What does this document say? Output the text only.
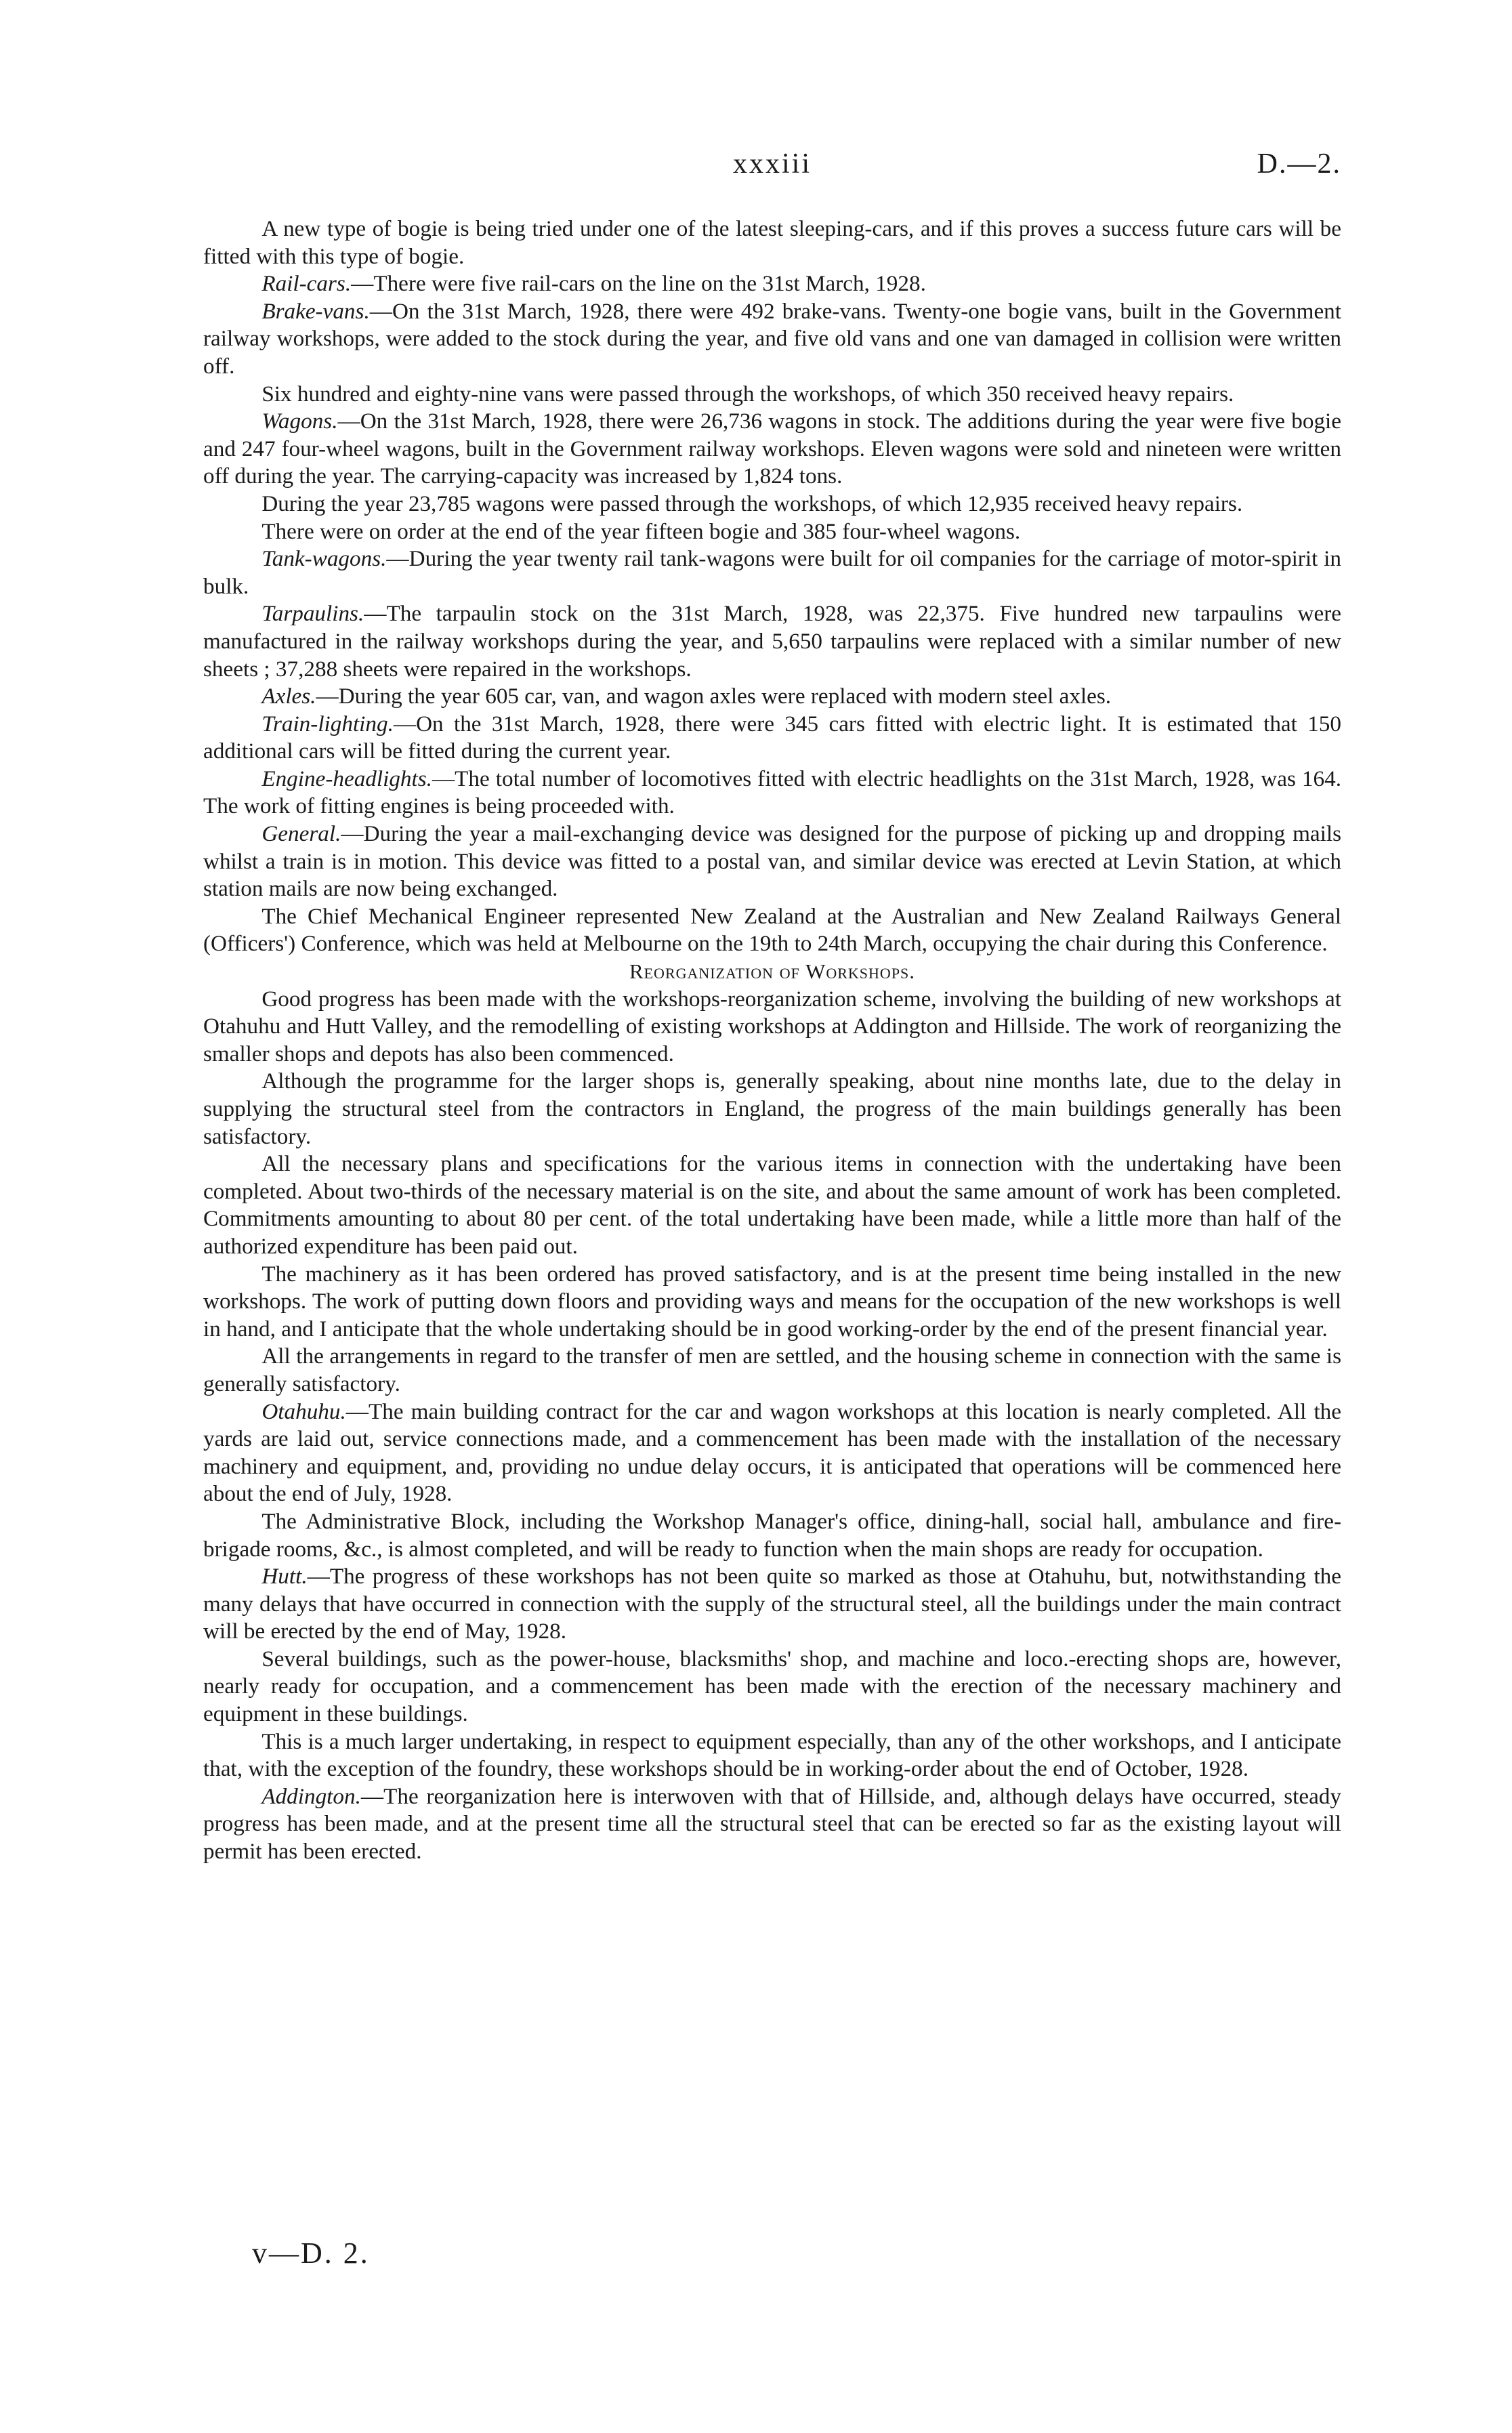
xxxiii	D.—2.

A new type of bogie is being tried under one of the latest sleeping-cars, and if this proves a success future cars will be fitted with this type of bogie.

Rail-cars.—There were five rail-cars on the line on the 31st March, 1928.

Brake-vans.—On the 31st March, 1928, there were 492 brake-vans. Twenty-one bogie vans, built in the Government railway workshops, were added to the stock during the year, and five old vans and one van damaged in collision were written off.

Six hundred and eighty-nine vans were passed through the workshops, of which 350 received heavy repairs.

Wagons.—On the 31st March, 1928, there were 26,736 wagons in stock. The additions during the year were five bogie and 247 four-wheel wagons, built in the Government railway workshops. Eleven wagons were sold and nineteen were written off during the year. The carrying-capacity was increased by 1,824 tons.

During the year 23,785 wagons were passed through the workshops, of which 12,935 received heavy repairs.

There were on order at the end of the year fifteen bogie and 385 four-wheel wagons.

Tank-wagons.—During the year twenty rail tank-wagons were built for oil companies for the carriage of motor-spirit in bulk.

Tarpaulins.—The tarpaulin stock on the 31st March, 1928, was 22,375. Five hundred new tarpaulins were manufactured in the railway workshops during the year, and 5,650 tarpaulins were replaced with a similar number of new sheets ; 37,288 sheets were repaired in the workshops.

Axles.—During the year 605 car, van, and wagon axles were replaced with modern steel axles.

Train-lighting.—On the 31st March, 1928, there were 345 cars fitted with electric light. It is estimated that 150 additional cars will be fitted during the current year.

Engine-headlights.—The total number of locomotives fitted with electric headlights on the 31st March, 1928, was 164. The work of fitting engines is being proceeded with.

General.—During the year a mail-exchanging device was designed for the purpose of picking up and dropping mails whilst a train is in motion. This device was fitted to a postal van, and similar device was erected at Levin Station, at which station mails are now being exchanged.

The Chief Mechanical Engineer represented New Zealand at the Australian and New Zealand Railways General (Officers') Conference, which was held at Melbourne on the 19th to 24th March, occupying the chair during this Conference.

Reorganization of Workshops.

Good progress has been made with the workshops-reorganization scheme, involving the building of new workshops at Otahuhu and Hutt Valley, and the remodelling of existing workshops at Addington and Hillside. The work of reorganizing the smaller shops and depots has also been commenced.

Although the programme for the larger shops is, generally speaking, about nine months late, due to the delay in supplying the structural steel from the contractors in England, the progress of the main buildings generally has been satisfactory.

All the necessary plans and specifications for the various items in connection with the undertaking have been completed. About two-thirds of the necessary material is on the site, and about the same amount of work has been completed. Commitments amounting to about 80 per cent. of the total undertaking have been made, while a little more than half of the authorized expenditure has been paid out.

The machinery as it has been ordered has proved satisfactory, and is at the present time being installed in the new workshops. The work of putting down floors and providing ways and means for the occupation of the new workshops is well in hand, and I anticipate that the whole undertaking should be in good working-order by the end of the present financial year.

All the arrangements in regard to the transfer of men are settled, and the housing scheme in connection with the same is generally satisfactory.

Otahuhu.—The main building contract for the car and wagon workshops at this location is nearly completed. All the yards are laid out, service connections made, and a commencement has been made with the installation of the necessary machinery and equipment, and, providing no undue delay occurs, it is anticipated that operations will be commenced here about the end of July, 1928.

The Administrative Block, including the Workshop Manager's office, dining-hall, social hall, ambulance and fire-brigade rooms, &c., is almost completed, and will be ready to function when the main shops are ready for occupation.

Hutt.—The progress of these workshops has not been quite so marked as those at Otahuhu, but, notwithstanding the many delays that have occurred in connection with the supply of the structural steel, all the buildings under the main contract will be erected by the end of May, 1928.

Several buildings, such as the power-house, blacksmiths' shop, and machine and loco.-erecting shops are, however, nearly ready for occupation, and a commencement has been made with the erection of the necessary machinery and equipment in these buildings.

This is a much larger undertaking, in respect to equipment especially, than any of the other workshops, and I anticipate that, with the exception of the foundry, these workshops should be in working-order about the end of October, 1928.

Addington.—The reorganization here is interwoven with that of Hillside, and, although delays have occurred, steady progress has been made, and at the present time all the structural steel that can be erected so far as the existing layout will permit has been erected.

v—D. 2.
